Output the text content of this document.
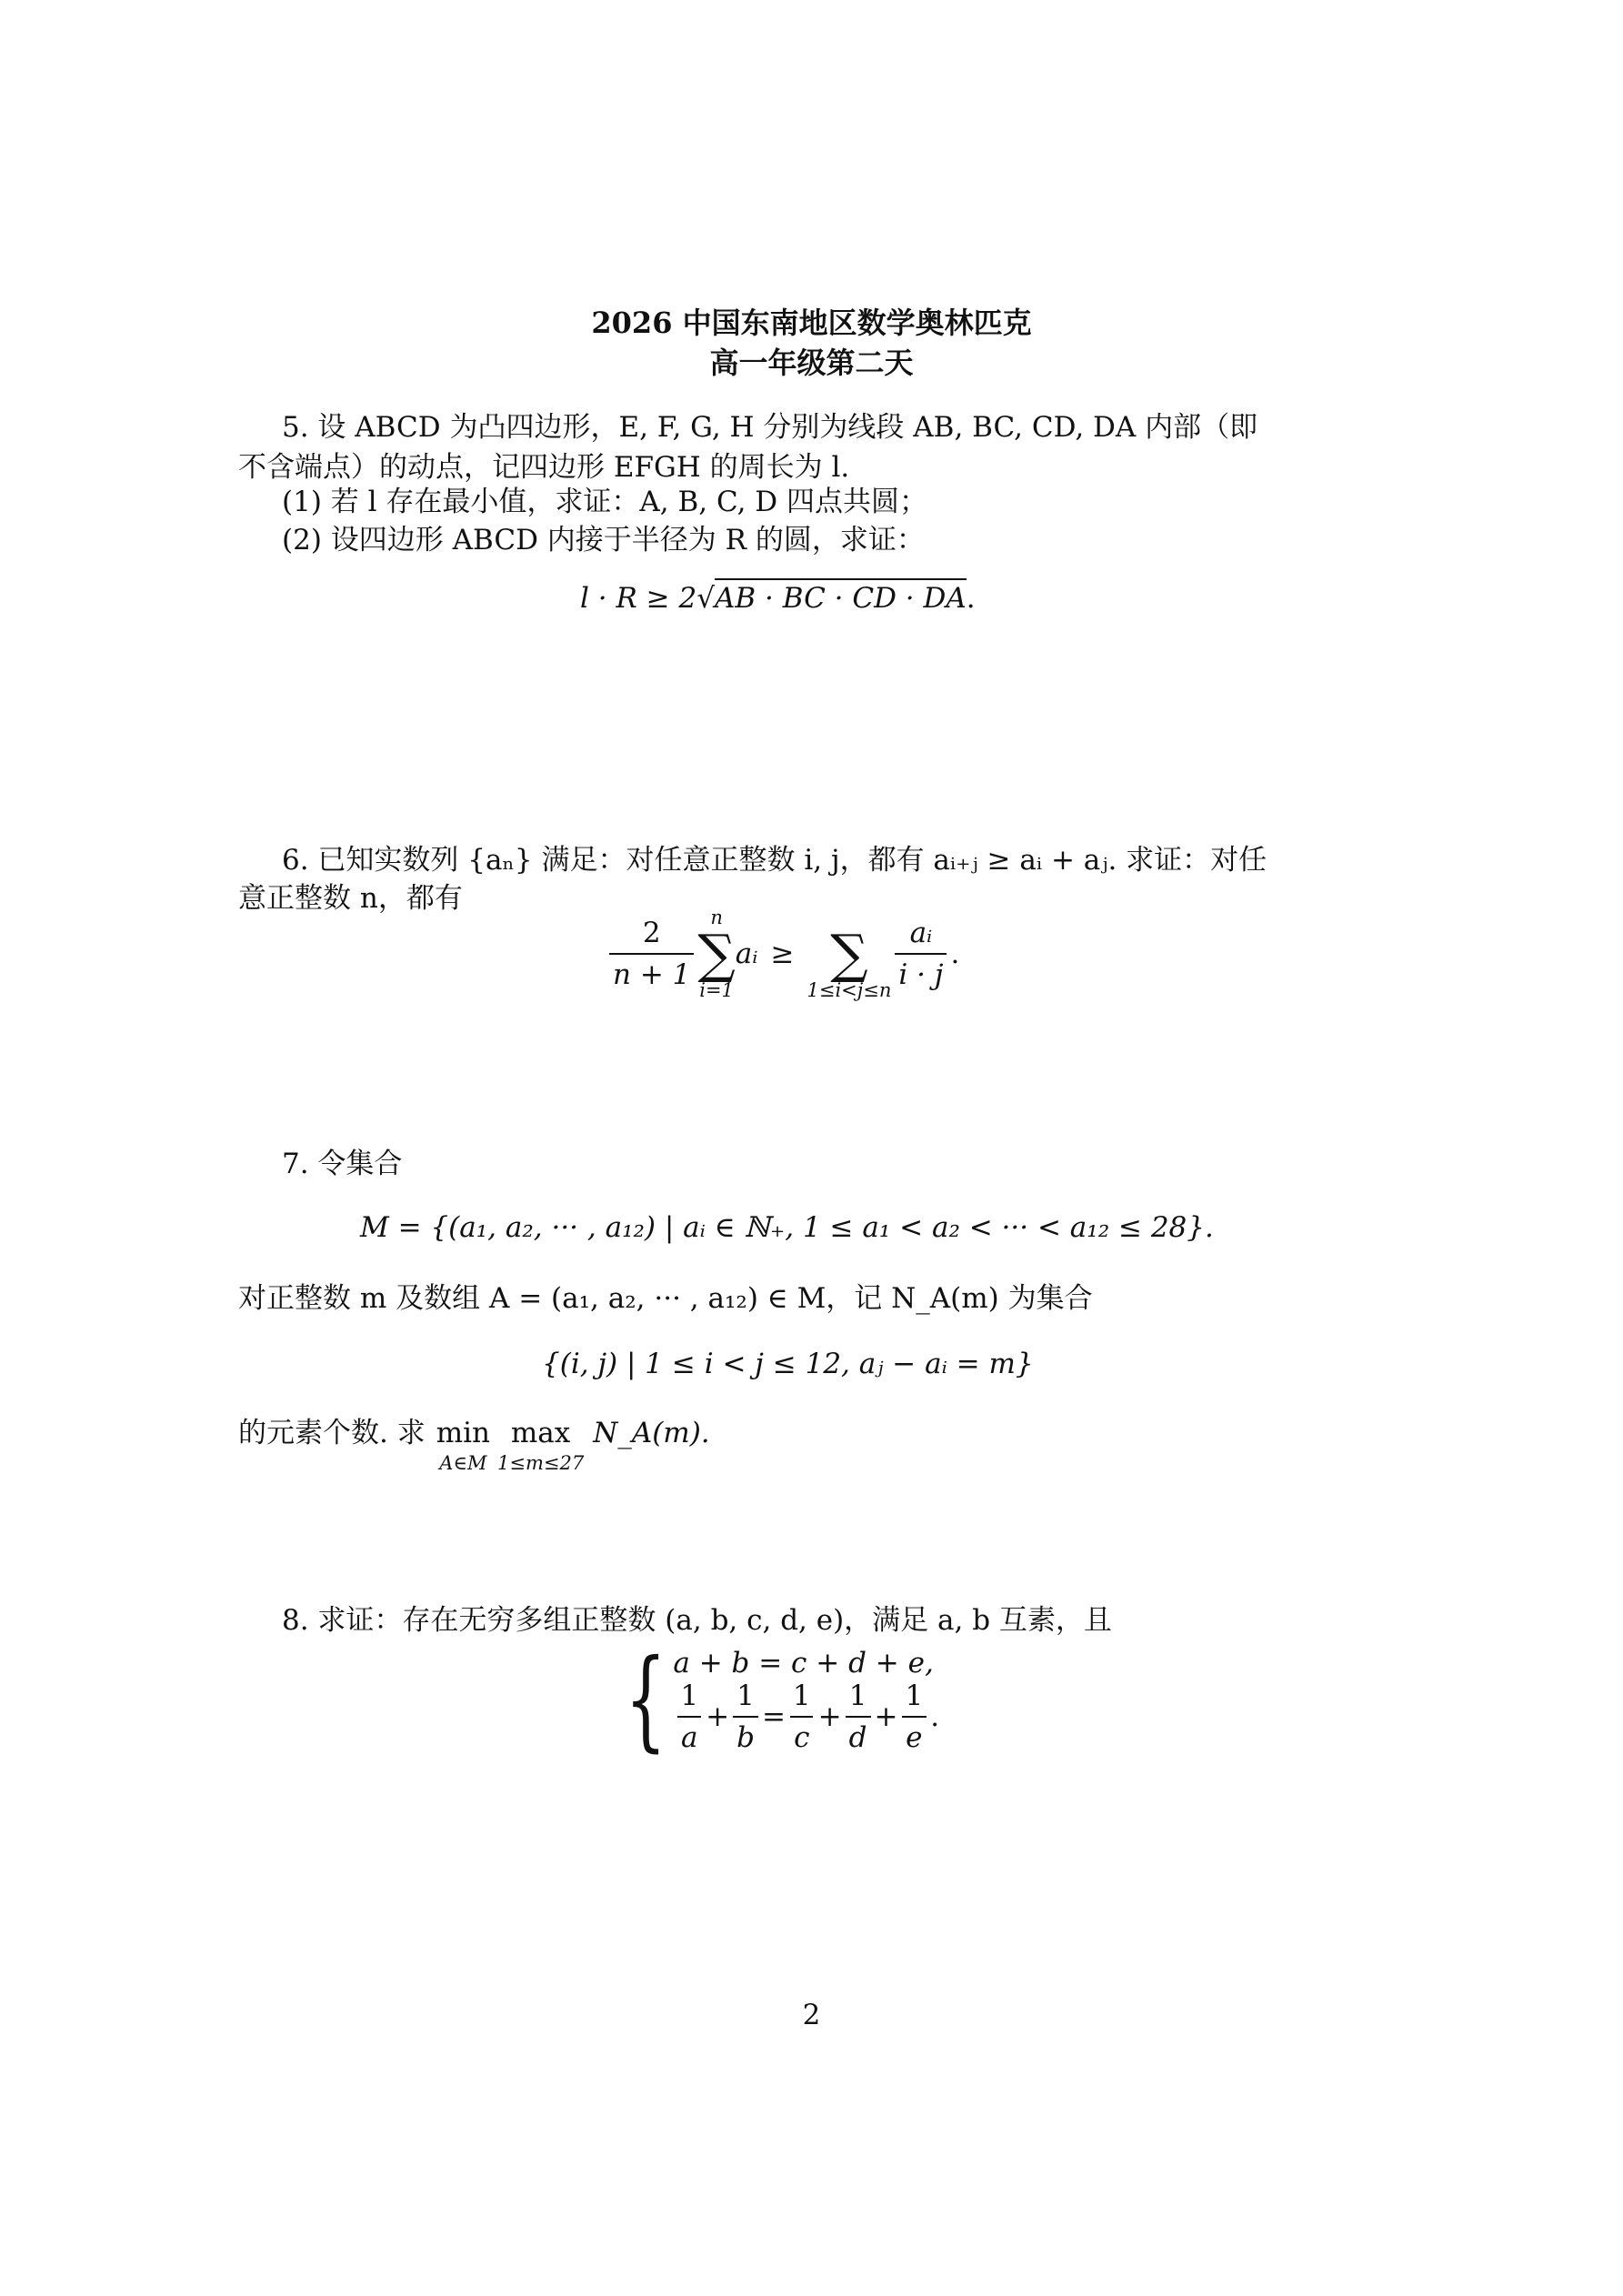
2026 中国东南地区数学奥林匹克
高一年级第二天
5. 设 ABCD 为凸四边形，E, F, G, H 分别为线段 AB, BC, CD, DA 内部（即
不含端点）的动点，记四边形 EFGH 的周长为 l.
(1) 若 l 存在最小值，求证：A, B, C, D 四点共圆；
(2) 设四边形 ABCD 内接于半径为 R 的圆，求证：
l · R ≥ 2√AB · BC · CD · DA.
6. 已知实数列 {aₙ} 满足：对任意正整数 i, j，都有 aᵢ₊ⱼ ≥ aᵢ + aⱼ. 求证：对任
意正整数 n，都有
$\frac{2}{n + 1}$ n
∑
i=1
aᵢ ≥ ∑
$1\le i<j\le n \frac{\text{aᵢ}}{i \cdot j}$ .
7. 令集合
M = {(a₁, a₂, ··· , a₁₂) | aᵢ ∈ ℕ₊, 1 ≤ a₁ < a₂ < ··· < a₁₂ ≤ 28}.
对正整数 m 及数组 A = (a₁, a₂, ··· , a₁₂) ∈ M，记 N_A(m) 为集合
{(i, j) | 1 ≤ i < j ≤ 12, aⱼ − aᵢ = m}
的元素个数. 求 min
A∈M
max
1≤m≤27
N_A(m).
8. 求证：存在无穷多组正整数 (a, b, c, d, e)，满足 a, b 互素，且
{ a + b = c + d + e,
$\frac{1}{a} + \frac{1}{b} = \frac{1}{c} + \frac{1}{d} + \frac{1}{e}$ .
2
